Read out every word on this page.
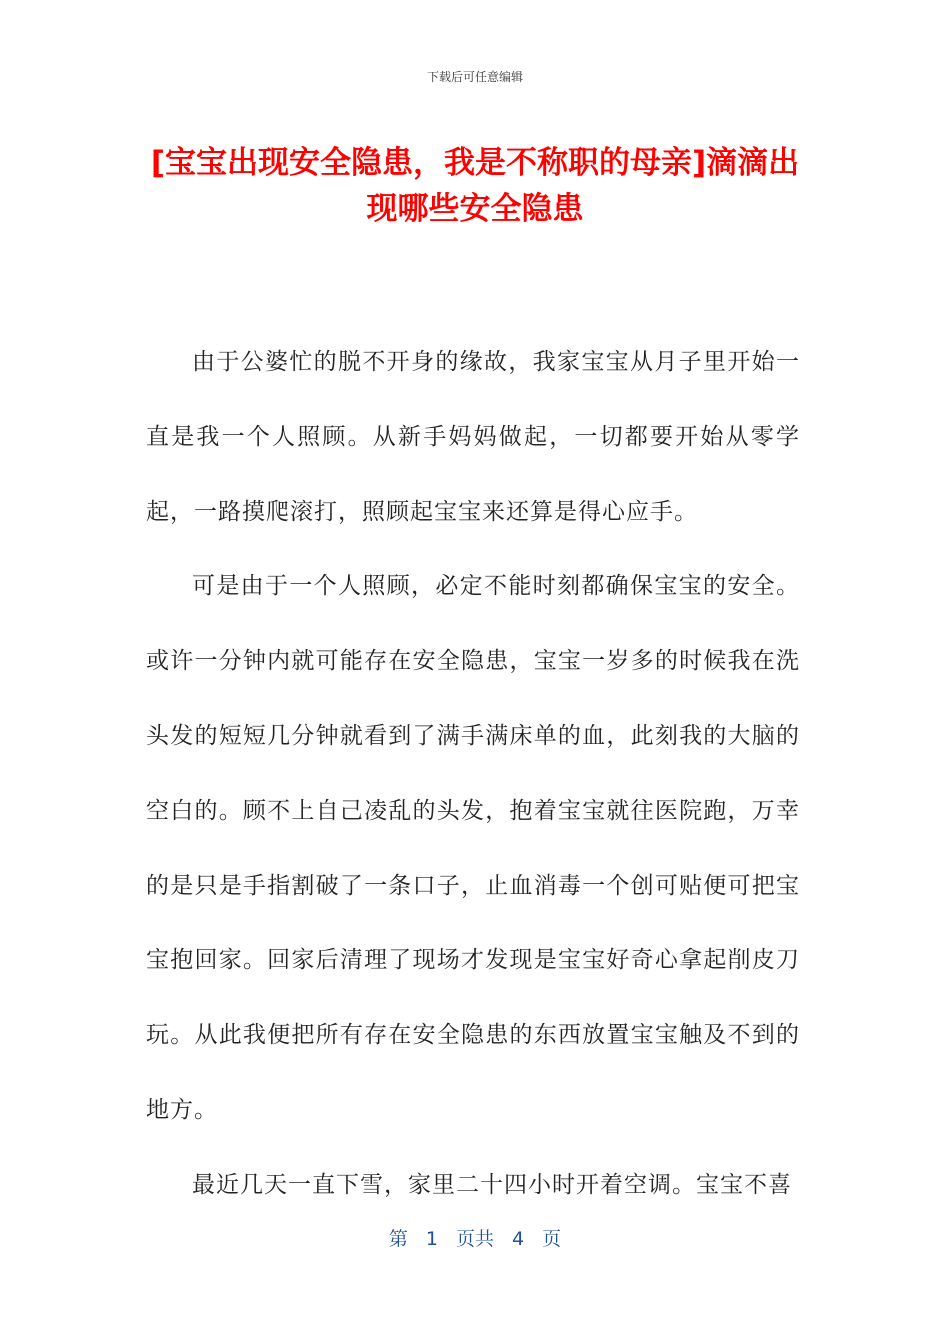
下载后可任意编辑
[宝宝出现安全隐患，我是不称职的母亲]滴滴出现哪些安全隐患

由于公婆忙的脱不开身的缘故，我家宝宝从月子里开始一直是我一个人照顾。从新手妈妈做起，一切都要开始从零学起，一路摸爬滚打，照顾起宝宝来还算是得心应手。

可是由于一个人照顾，必定不能时刻都确保宝宝的安全。或许一分钟内就可能存在安全隐患，宝宝一岁多的时候我在洗头发的短短几分钟就看到了满手满床单的血，此刻我的大脑的空白的。顾不上自己凌乱的头发，抱着宝宝就往医院跑，万幸的是只是手指割破了一条口子，止血消毒一个创可贴便可把宝宝抱回家。回家后清理了现场才发现是宝宝好奇心拿起削皮刀玩。从此我便把所有存在安全隐患的东西放置宝宝触及不到的地方。

最近几天一直下雪，家里二十四小时开着空调。宝宝不喜

第 1 页共 4 页
